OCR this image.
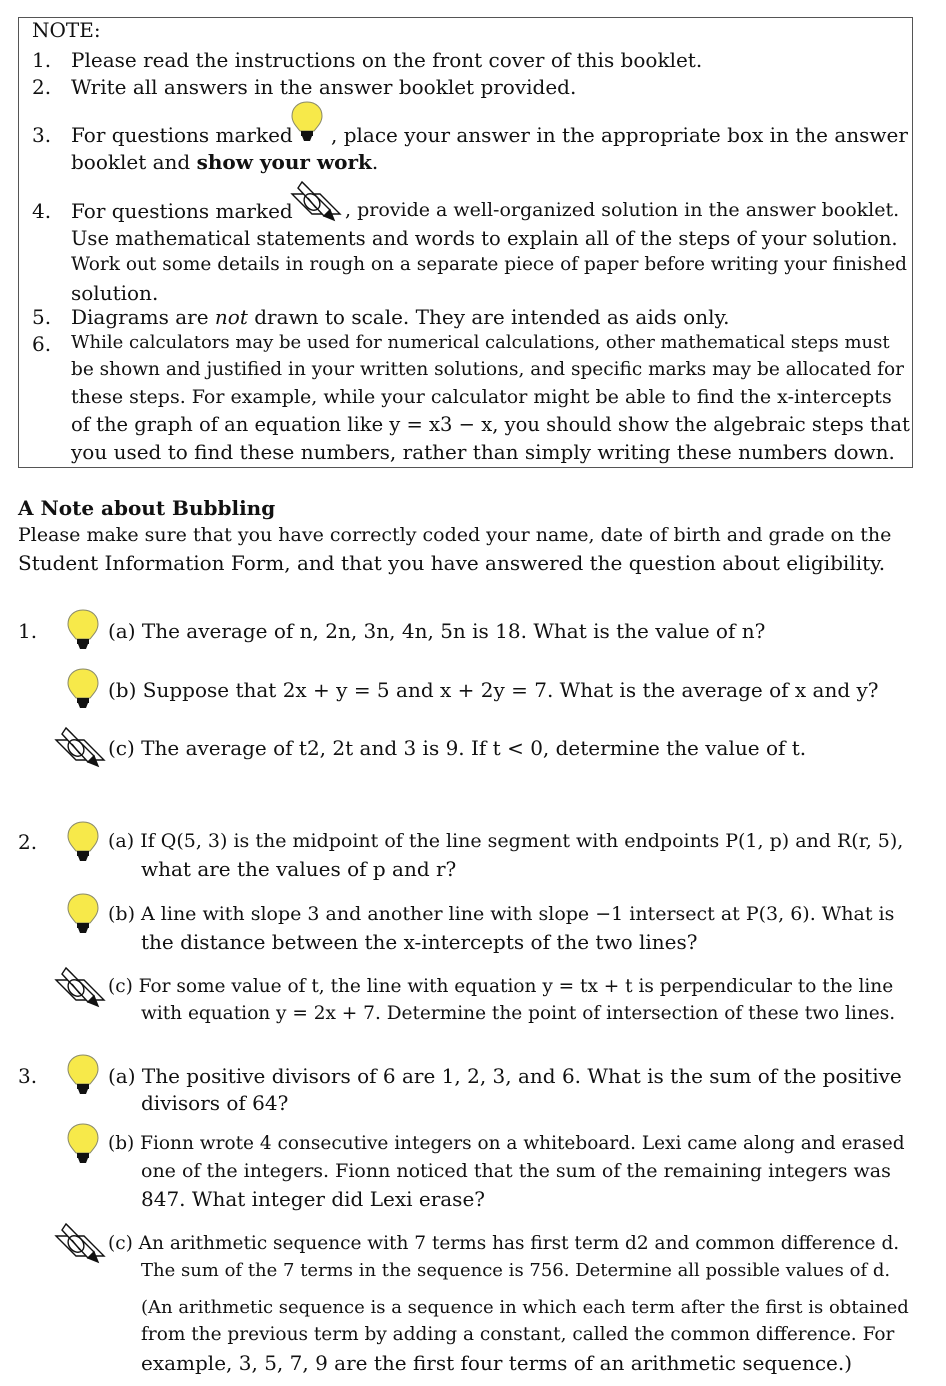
NOTE:
1. Please read the instructions on the front cover of this booklet.
2. Write all answers in the answer booklet provided.
3. For questions marked , place your answer in the appropriate box in the answer
booklet and show your work.
4. For questions marked	, provide a well-organized solution in the answer booklet.
Use mathematical statements and words to explain all of the steps of your solution.
Work out some details in rough on a separate piece of paper before writing your finished
solution.
5. Diagrams are not drawn to scale. They are intended as aids only.
6. While calculators may be used for numerical calculations, other mathematical steps must
be shown and justified in your written solutions, and specific marks may be allocated for
these steps. For example, while your calculator might be able to find the x-intercepts
of the graph of an equation like y = x3 − x, you should show the algebraic steps that
you used to find these numbers, rather than simply writing these numbers down.
A Note about Bubbling
Please make sure that you have correctly coded your name, date of birth and grade on the
Student Information Form, and that you have answered the question about eligibility.
1.	(a) The average of n, 2n, 3n, 4n, 5n is 18. What is the value of n?
(b) Suppose that 2x + y = 5 and x + 2y = 7. What is the average of x and y?
(c) The average of t2, 2t and 3 is 9. If t < 0, determine the value of t.
2.	(a) If Q(5, 3) is the midpoint of the line segment with endpoints P(1, p) and R(r, 5),
what are the values of p and r?
(b) A line with slope 3 and another line with slope −1 intersect at P(3, 6). What is
the distance between the x-intercepts of the two lines?
(c) For some value of t, the line with equation y = tx + t is perpendicular to the line
with equation y = 2x + 7. Determine the point of intersection of these two lines.
3.	(a) The positive divisors of 6 are 1, 2, 3, and 6. What is the sum of the positive
divisors of 64?
(b) Fionn wrote 4 consecutive integers on a whiteboard. Lexi came along and erased
one of the integers. Fionn noticed that the sum of the remaining integers was
847. What integer did Lexi erase?
(c) An arithmetic sequence with 7 terms has first term d2 and common difference d.
The sum of the 7 terms in the sequence is 756. Determine all possible values of d.
(An arithmetic sequence is a sequence in which each term after the first is obtained
from the previous term by adding a constant, called the common difference. For
example, 3, 5, 7, 9 are the first four terms of an arithmetic sequence.)
